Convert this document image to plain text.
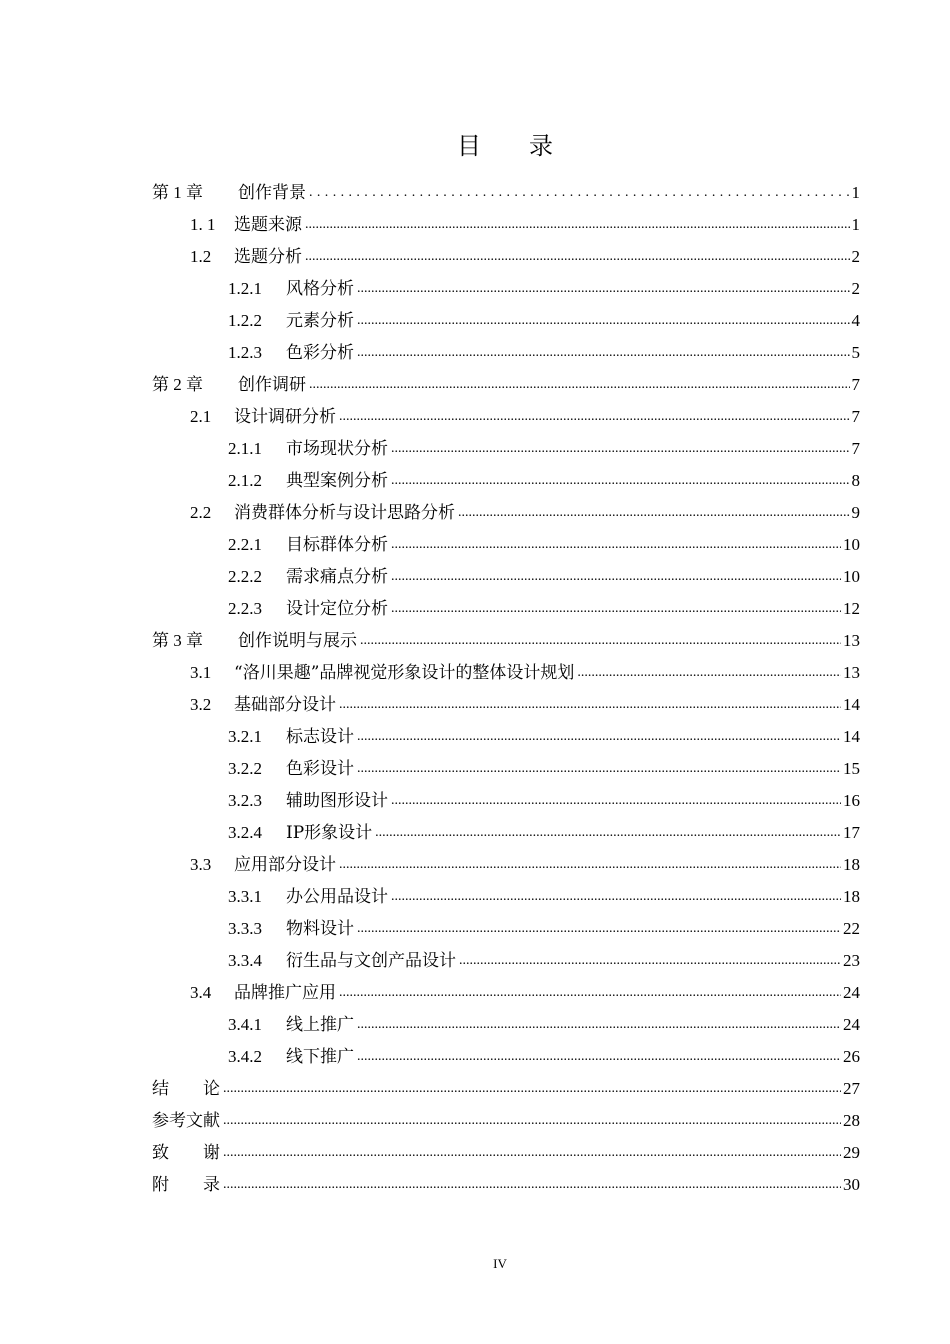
目　　录
第 1 章	创作背景 .....	1
1. 1	选题来源 .....	1
1.2	选题分析 .....	2
1.2.1	风格分析 .....	2
1.2.2	元素分析 .....	4
1.2.3	色彩分析 .....	5
第 2 章	创作调研 .....	7
2.1	设计调研分析 .....	7
2.1.1	市场现状分析 .....	7
2.1.2	典型案例分析 .....	8
2.2	消费群体分析与设计思路分析 .....	9
2.2.1	目标群体分析 .....	10
2.2.2	需求痛点分析 .....	10
2.2.3	设计定位分析 .....	12
第 3 章	创作说明与展示 .....	13
3.1	“洛川果趣”品牌视觉形象设计的整体设计规划 .....	13
3.2	基础部分设计 .....	14
3.2.1	标志设计 .....	14
3.2.2	色彩设计 .....	15
3.2.3	辅助图形设计 .....	16
3.2.4	IP形象设计 .....	17
3.3	应用部分设计 .....	18
3.3.1	办公用品设计 .....	18
3.3.3	物料设计 .....	22
3.3.4	衍生品与文创产品设计 .....	23
3.4	品牌推广应用 .....	24
3.4.1	线上推广 .....	24
3.4.2	线下推广 .....	26
结　　论 .....	27
参考文献 .....	28
致　　谢 .....	29
附　　录 .....	30
IV
